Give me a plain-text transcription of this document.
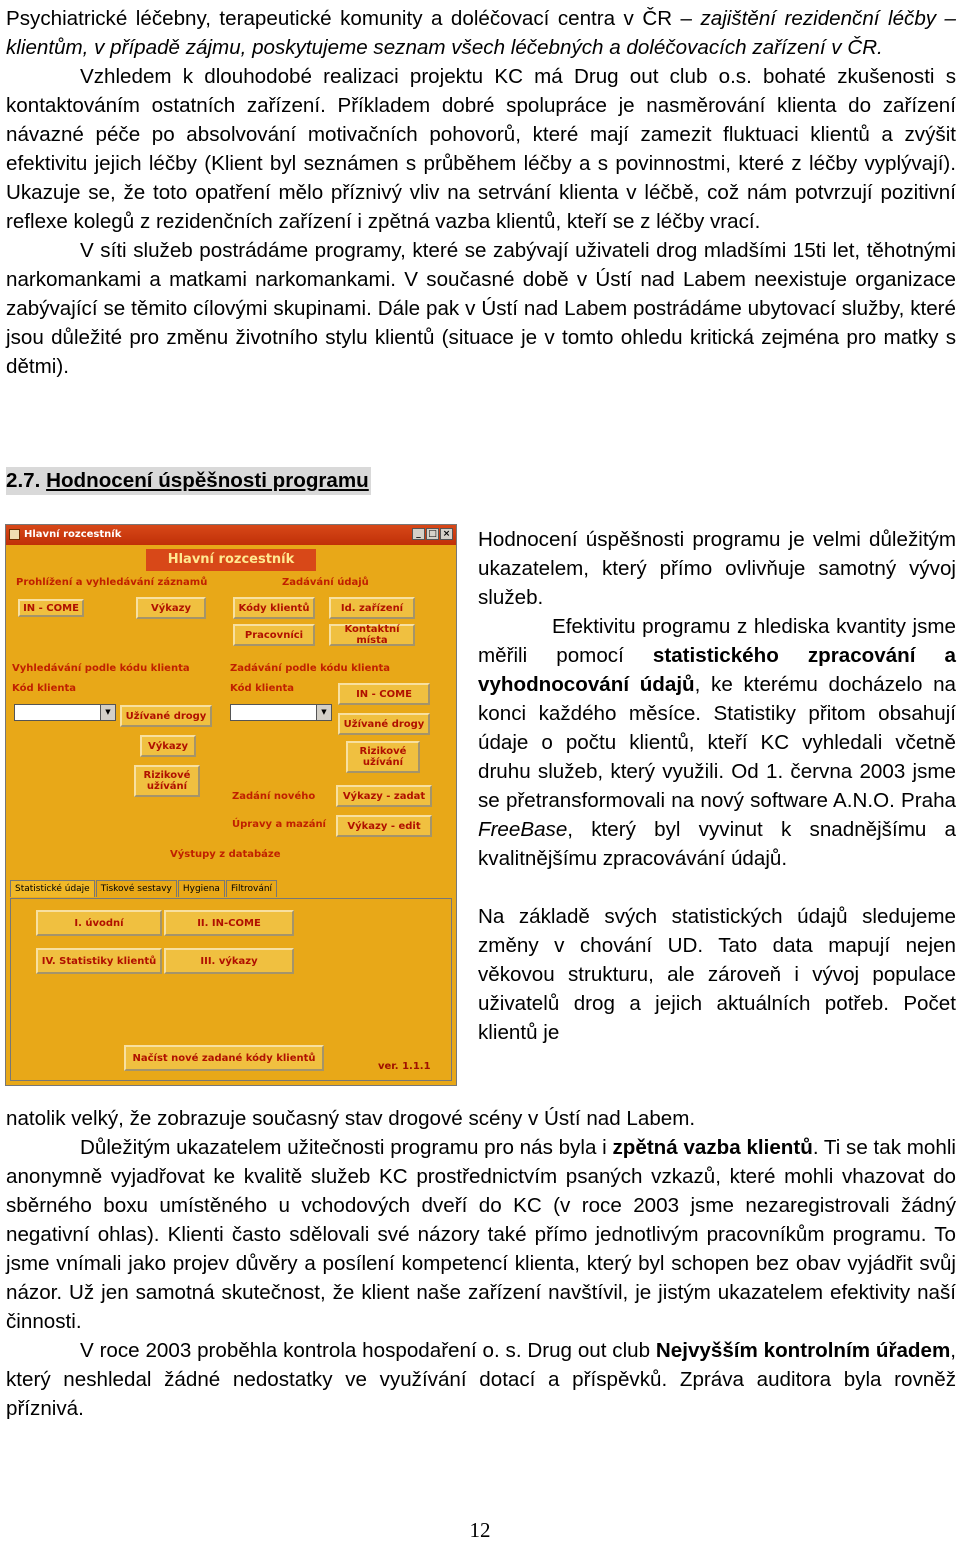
Psychiatrické léčebny, terapeutické komunity a doléčovací centra v ČR – zajištění rezidenční léčby – klientům, v případě zájmu, poskytujeme seznam všech léčebných a doléčovacích zařízení v ČR.
Vzhledem k dlouhodobé realizaci projektu KC má Drug out club o.s. bohaté zkušenosti s kontaktováním ostatních zařízení. Příkladem dobré spolupráce je nasměrování klienta do zařízení návazné péče po absolvování motivačních pohovorů, které mají zamezit fluktuaci klientů a zvýšit efektivitu jejich léčby (Klient byl seznámen s průběhem léčby a s povinnostmi, které z léčby vyplývají). Ukazuje se, že toto opatření mělo příznivý vliv na setrvání klienta v léčbě, což nám potvrzují pozitivní reflexe kolegů z rezidenčních zařízení i zpětná vazba klientů, kteří se z léčby vrací.
V síti služeb postrádáme programy, které se zabývají uživateli drog mladšími 15ti let, těhotnými narkomankami a matkami narkomankami. V současné době v Ústí nad Labem neexistuje organizace zabývající se těmito cílovými skupinami. Dále pak v Ústí nad Labem postrádáme ubytovací služby, které jsou důležité pro změnu životního stylu klientů (situace je v tomto ohledu kritická zejména pro matky s dětmi).
2.7. Hodnocení úspěšnosti programu
Hodnocení úspěšnosti programu je velmi důležitým ukazatelem, který přímo ovlivňuje samotný vývoj služeb.
Efektivitu programu z hlediska kvantity jsme měřili pomocí statistického zpracování a vyhodnocování údajů, ke kterému docházelo na konci každého měsíce. Statistiky přitom obsahují údaje o počtu klientů, kteří KC vyhledali včetně druhu služeb, který využili. Od 1. června 2003 jsme se přetransformovali na nový software A.N.O. Praha FreeBase, který byl vyvinut k snadnějšímu a kvalitnějšímu zpracovávání údajů.
Na základě svých statistických údajů sledujeme změny v chování UD. Tato data mapují nejen věkovou strukturu, ale zároveň i vývoj populace uživatelů drog a jejich aktuálních potřeb. Počet klientů je
natolik velký, že zobrazuje současný stav drogové scény v Ústí nad Labem.
Důležitým ukazatelem užitečnosti programu pro nás byla i zpětná vazba klientů. Ti se tak mohli anonymně vyjadřovat ke kvalitě služeb KC prostřednictvím psaných vzkazů, které mohli vhazovat do sběrného boxu umístěného u vchodových dveří do KC (v roce 2003 jsme nezaregistrovali žádný negativní ohlas). Klienti často sdělovali své názory také přímo jednotlivým pracovníkům programu. To jsme vnímali jako projev důvěry a posílení kompetencí klienta, který byl schopen bez obav vyjádřit svůj názor. Už jen samotná skutečnost, že klient naše zařízení navštívil, je jistým ukazatelem efektivity naší činnosti.
V roce 2003 proběhla kontrola hospodaření o. s. Drug out club Nejvyšším kontrolním úřadem, který neshledal žádné nedostatky ve využívání dotací a příspěvků. Zpráva auditora byla rovněž příznivá.
Hlavní rozcestník	_ □ ×
Hlavní rozcestník
Prohlížení a vyhledávání záznamů	Zadávání údajů
IN - COME	Výkazy	Kódy klientů	Id. zařízení
Pracovníci	Kontaktní místa
Vyhledávání podle kódu klienta
Kód klienta
Zadávání podle kódu klienta
Kód klienta
▼	▼
Užívané drogy
Výkazy
Rizikové užívání
IN - COME
Užívané drogy
Rizikové užívání
Zadání nového	Výkazy - zadat
Úpravy a mazání	Výkazy - edit
Výstupy z databáze
Statistické údaje	Tiskové sestavy	Hygiena	Filtrování
I. úvodní	II. IN-COME
IV. Statistiky klientů	III. výkazy
Načíst nové zadané kódy klientů
ver. 1.1.1
12
